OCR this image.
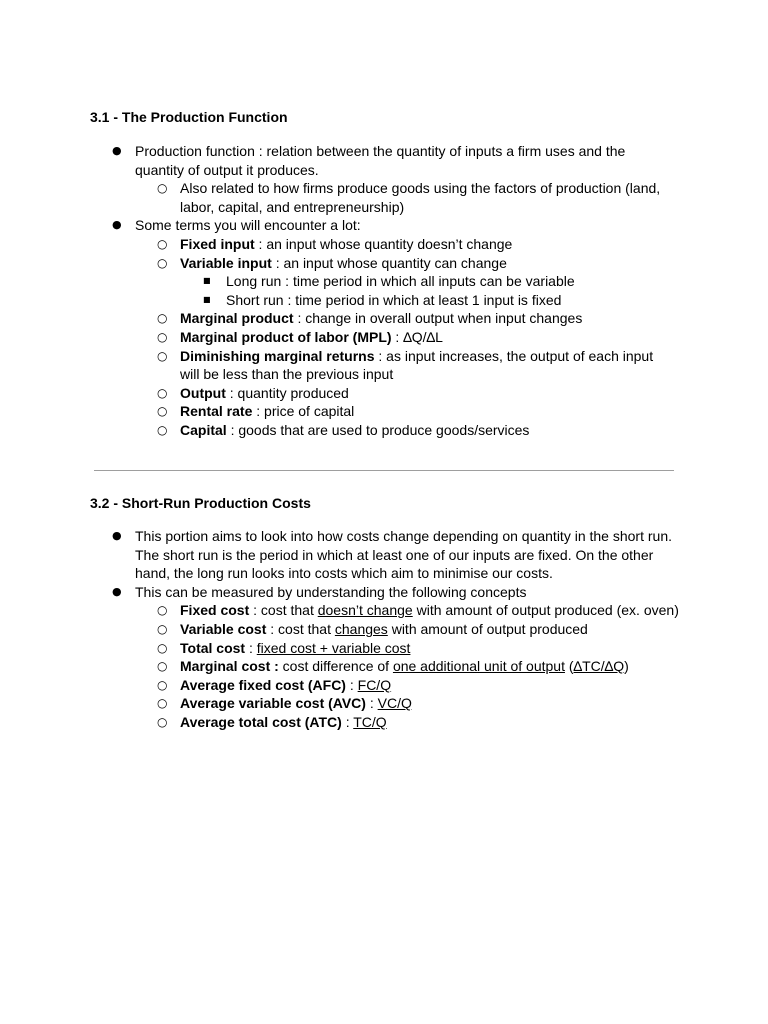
3.1 - The Production Function
● Production function : relation between the quantity of inputs a firm uses and the quantity of output it produces.
○ Also related to how firms produce goods using the factors of production (land, labor, capital, and entrepreneurship)
● Some terms you will encounter a lot:
○ Fixed input : an input whose quantity doesn’t change
○ Variable input : an input whose quantity can change
■ Long run : time period in which all inputs can be variable
■ Short run : time period in which at least 1 input is fixed
○ Marginal product : change in overall output when input changes
○ Marginal product of labor (MPL) : ∆Q/∆L
○ Diminishing marginal returns : as input increases, the output of each input will be less than the previous input
○ Output : quantity produced
○ Rental rate : price of capital
○ Capital : goods that are used to produce goods/services
3.2 - Short-Run Production Costs
● This portion aims to look into how costs change depending on quantity in the short run. The short run is the period in which at least one of our inputs are fixed. On the other hand, the long run looks into costs which aim to minimise our costs.
● This can be measured by understanding the following concepts
○ Fixed cost : cost that doesn’t change with amount of output produced (ex. oven)
○ Variable cost : cost that changes with amount of output produced
○ Total cost : fixed cost + variable cost
○ Marginal cost : cost difference of one additional unit of output (∆TC/∆Q)
○ Average fixed cost (AFC) : FC/Q
○ Average variable cost (AVC) : VC/Q
○ Average total cost (ATC) : TC/Q
